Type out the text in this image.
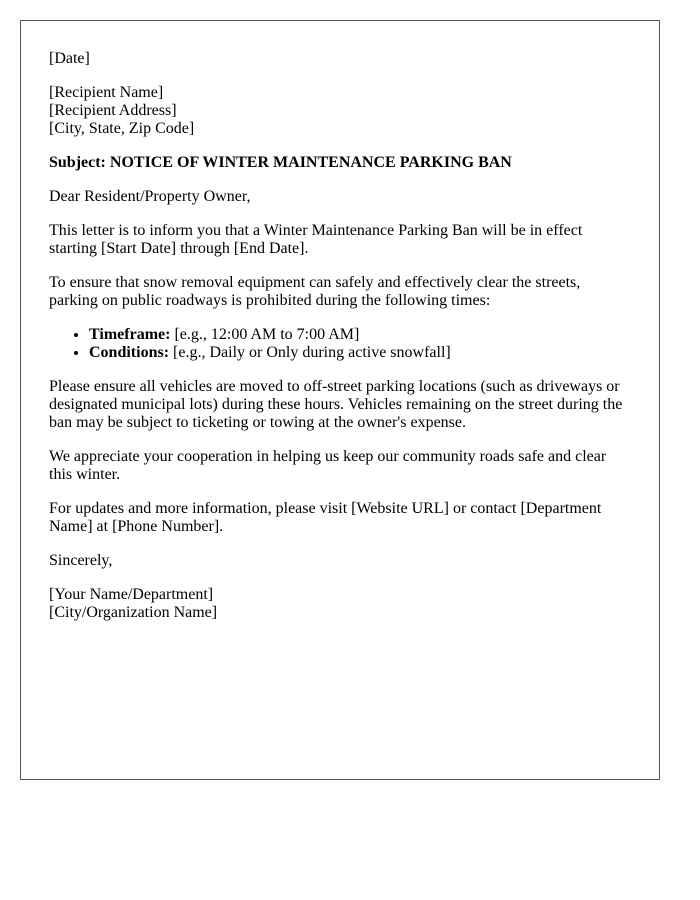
[Date]

[Recipient Name]
[Recipient Address]
[City, State, Zip Code]

Subject: NOTICE OF WINTER MAINTENANCE PARKING BAN

Dear Resident/Property Owner,

This letter is to inform you that a Winter Maintenance Parking Ban will be in effect starting [Start Date] through [End Date].

To ensure that snow removal equipment can safely and effectively clear the streets, parking on public roadways is prohibited during the following times:

• Timeframe: [e.g., 12:00 AM to 7:00 AM]
• Conditions: [e.g., Daily or Only during active snowfall]

Please ensure all vehicles are moved to off-street parking locations (such as driveways or designated municipal lots) during these hours. Vehicles remaining on the street during the ban may be subject to ticketing or towing at the owner's expense.

We appreciate your cooperation in helping us keep our community roads safe and clear this winter.

For updates and more information, please visit [Website URL] or contact [Department Name] at [Phone Number].

Sincerely,

[Your Name/Department]
[City/Organization Name]
